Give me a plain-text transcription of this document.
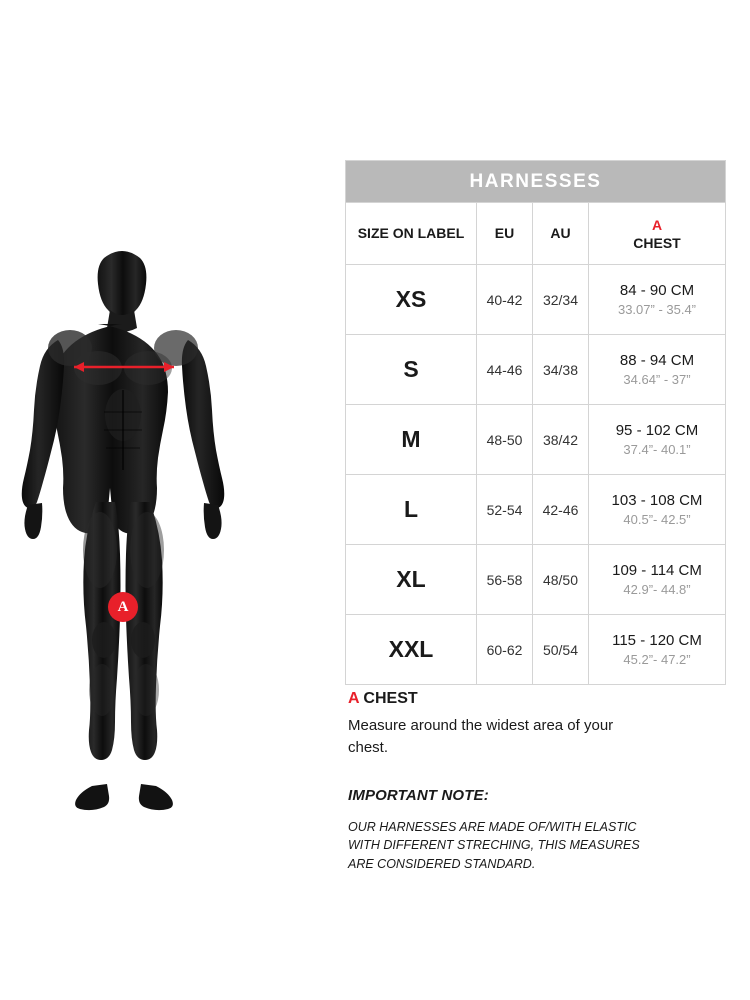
A
HARNESSES			
SIZE ON LABEL	EU	AU	A
CHEST

XS	40-42	32/34	84 - 90 CM
33.07” - 35.4”

S	44-46	34/38	88 - 94 CM
34.64” - 37”

M	48-50	38/42	95 - 102 CM
37.4”- 40.1”

L	52-54	42-46	103 - 108 CM
40.5”- 42.5”

XL	56-58	48/50	109 - 114 CM
42.9”- 44.8”

XXL	60-62	50/54	115 - 120 CM
45.2”- 47.2”
A CHEST
Measure around the widest area of your chest.
IMPORTANT NOTE:
OUR HARNESSES ARE MADE OF/WITH ELASTIC WITH DIFFERENT STRECHING, THIS MEASURES ARE CONSIDERED STANDARD.
